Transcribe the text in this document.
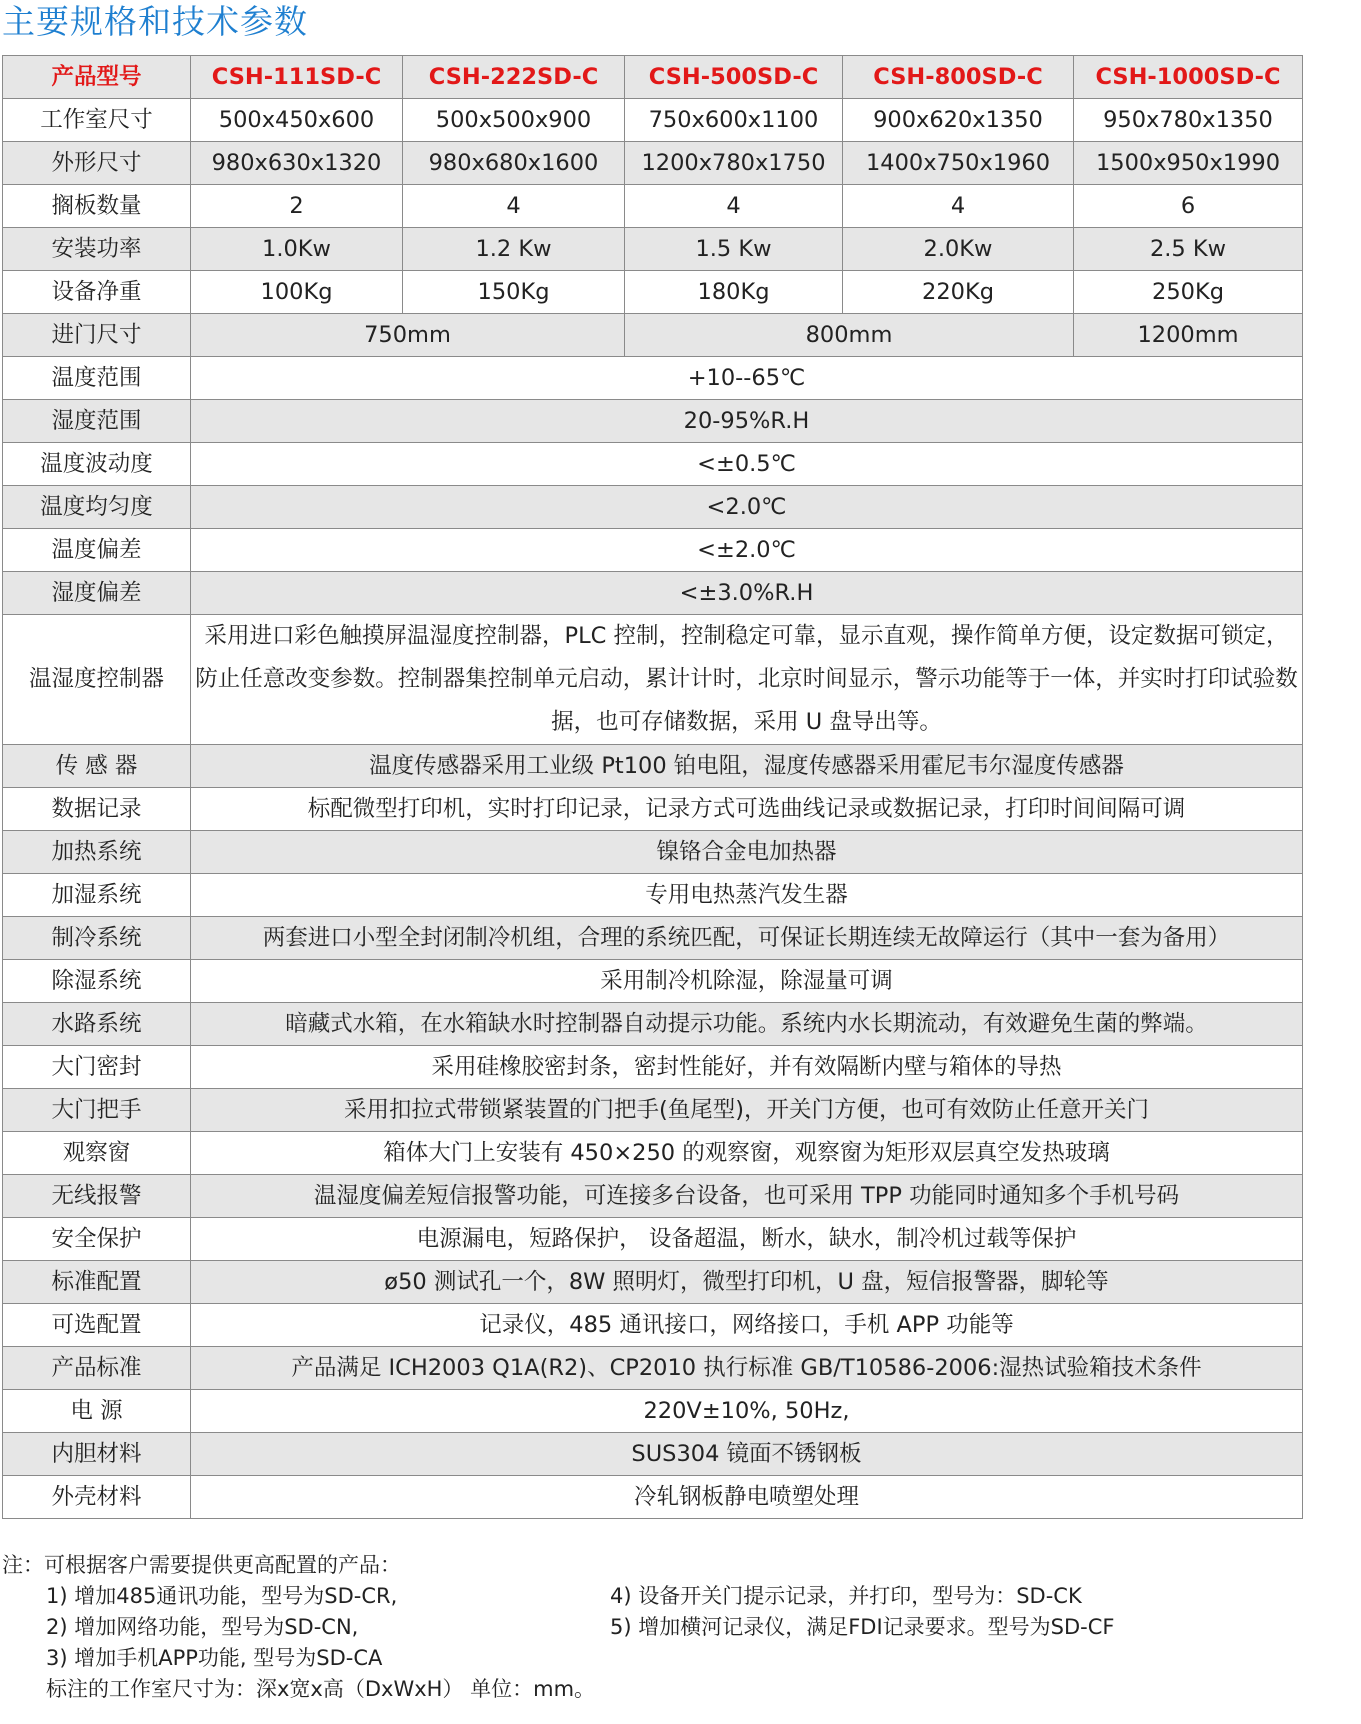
主要规格和技术参数
产品型号	CSH-111SD-C	CSH-222SD-C	CSH-500SD-C	CSH-800SD-C	CSH-1000SD-C
工作室尺寸	500x450x600	500x500x900	750x600x1100	900x620x1350	950x780x1350
外形尺寸	980x630x1320	980x680x1600	1200x780x1750	1400x750x1960	1500x950x1990
搁板数量	2	4	4	4	6
安装功率	1.0Kw	1.2 Kw	1.5 Kw	2.0Kw	2.5 Kw
设备净重	100Kg	150Kg	180Kg	220Kg	250Kg
进门尺寸	750mm		800mm		1200mm
温度范围	+10--65℃				
湿度范围	20-95%R.H				
温度波动度	<±0.5℃				
温度均匀度	<2.0℃				
温度偏差	<±2.0℃				
湿度偏差	<±3.0%R.H				
温湿度控制器	采用进口彩色触摸屏温湿度控制器，PLC 控制，控制稳定可靠，显示直观，操作简单方便，设定数据可锁定，防止任意改变参数。控制器集控制单元启动，累计计时，北京时间显示，警示功能等于一体，并实时打印试验数据，也可存储数据，采用 U 盘导出等。				
传 感 器	温度传感器采用工业级 Pt100 铂电阻，湿度传感器采用霍尼韦尔湿度传感器				
数据记录	标配微型打印机，实时打印记录，记录方式可选曲线记录或数据记录，打印时间间隔可调				
加热系统	镍铬合金电加热器				
加湿系统	专用电热蒸汽发生器				
制冷系统	两套进口小型全封闭制冷机组，合理的系统匹配，可保证长期连续无故障运行（其中一套为备用）				
除湿系统	采用制冷机除湿，除湿量可调				
水路系统	暗藏式水箱，在水箱缺水时控制器自动提示功能。系统内水长期流动，有效避免生菌的弊端。				
大门密封	采用硅橡胶密封条，密封性能好，并有效隔断内壁与箱体的导热				
大门把手	采用扣拉式带锁紧装置的门把手(鱼尾型)，开关门方便，也可有效防止任意开关门				
观察窗	箱体大门上安装有 450×250 的观察窗，观察窗为矩形双层真空发热玻璃				
无线报警	温湿度偏差短信报警功能，可连接多台设备，也可采用 TPP 功能同时通知多个手机号码				
安全保护	电源漏电，短路保护， 设备超温，断水，缺水，制冷机过载等保护				
标准配置	ø50 测试孔一个，8W 照明灯，微型打印机，U 盘，短信报警器，脚轮等				
可选配置	记录仪，485 通讯接口，网络接口，手机 APP 功能等				
产品标准	产品满足 ICH2003 Q1A(R2)、CP2010 执行标准 GB/T10586-2006:湿热试验箱技术条件				
电 源	220V±10%, 50Hz,				
内胆材料	SUS304 镜面不锈钢板				
外壳材料	冷轧钢板静电喷塑处理				
注：可根据客户需要提供更高配置的产品：
1) 增加485通讯功能，型号为SD-CR,	4) 设备开关门提示记录，并打印，型号为：SD-CK
2) 增加网络功能，型号为SD-CN,	5) 增加横河记录仪，满足FDI记录要求。型号为SD-CF
3) 增加手机APP功能, 型号为SD-CA
标注的工作室尺寸为：深x宽x高（DxWxH） 单位：mm。
